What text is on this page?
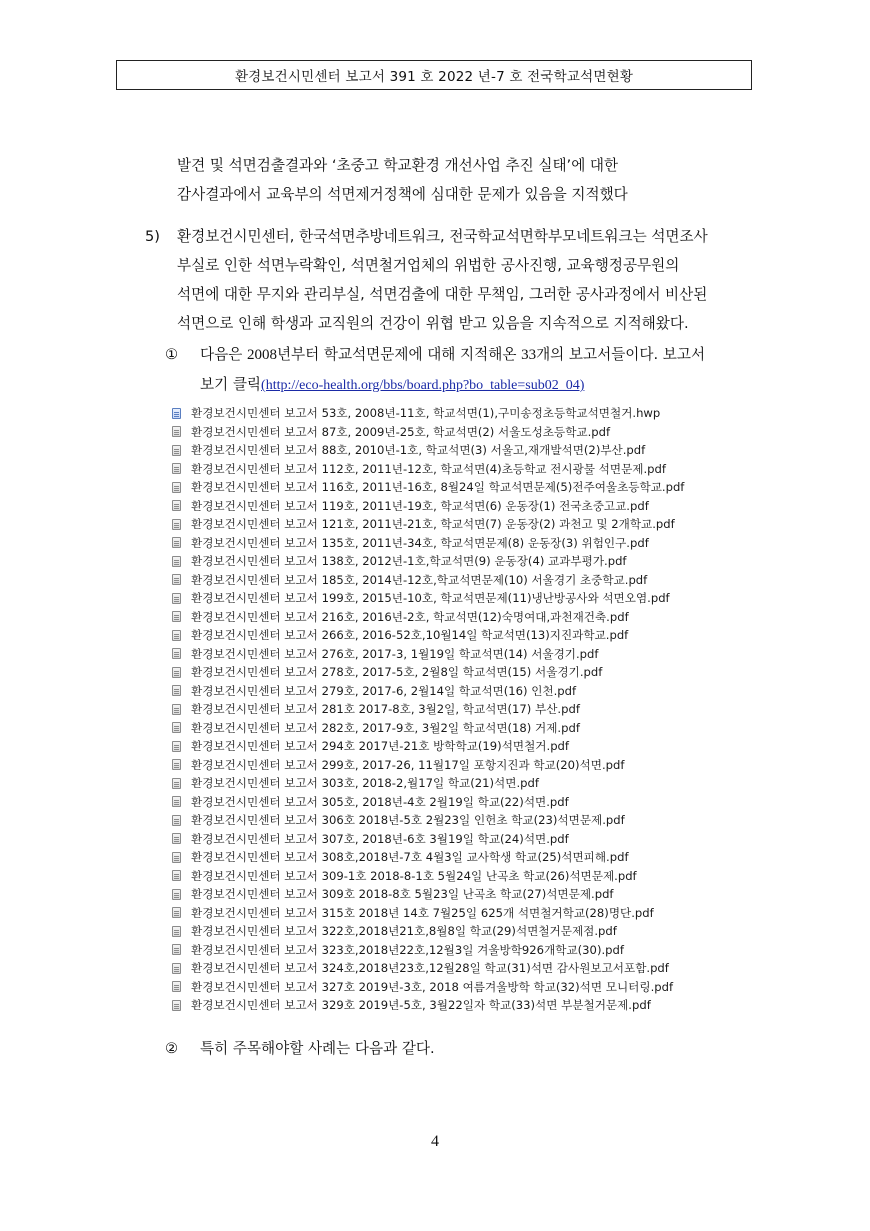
환경보건시민센터 보고서 391 호 2022 년-7 호 전국학교석면현황
발견 및 석면검출결과와 ‘초중고 학교환경 개선사업 추진 실태’에 대한
감사결과에서 교육부의 석면제거정책에 심대한 문제가 있음을 지적했다
5) 환경보건시민센터, 한국석면추방네트워크, 전국학교석면학부모네트워크는 석면조사
부실로 인한 석면누락확인, 석면철거업체의 위법한 공사진행, 교육행정공무원의
석면에 대한 무지와 관리부실, 석면검출에 대한 무책임, 그러한 공사과정에서 비산된
석면으로 인해 학생과 교직원의 건강이 위협 받고 있음을 지속적으로 지적해왔다.
① 다음은 2008년부터 학교석면문제에 대해 지적해온 33개의 보고서들이다. 보고서
보기 클릭(http://eco-health.org/bbs/board.php?bo_table=sub02_04)
환경보건시민센터 보고서 53호, 2008년-11호, 학교석면(1),구미송정초등학교석면철거.hwp
환경보건시민센터 보고서 87호, 2009년-25호, 학교석면(2) 서울도성초등학교.pdf
환경보건시민센터 보고서 88호, 2010년-1호, 학교석면(3) 서울고,재개발석면(2)부산.pdf
환경보건시민센터 보고서 112호, 2011년-12호, 학교석면(4)초등학교 전시광물 석면문제.pdf
환경보건시민센터 보고서 116호, 2011년-16호, 8월24일 학교석면문제(5)전주여울초등학교.pdf
환경보건시민센터 보고서 119호, 2011년-19호, 학교석면(6) 운동장(1) 전국초중고교.pdf
환경보건시민센터 보고서 121호, 2011년-21호, 학교석면(7) 운동장(2) 과천고 및 2개학교.pdf
환경보건시민센터 보고서 135호, 2011년-34호, 학교석면문제(8) 운동장(3) 위험인구.pdf
환경보건시민센터 보고서 138호, 2012년-1호,학교석면(9) 운동장(4) 교과부평가.pdf
환경보건시민센터 보고서 185호, 2014년-12호,학교석면문제(10) 서울경기 초중학교.pdf
환경보건시민센터 보고서 199호, 2015년-10호, 학교석면문제(11)냉난방공사와 석면오염.pdf
환경보건시민센터 보고서 216호, 2016년-2호, 학교석면(12)숙명여대,과천재건축.pdf
환경보건시민센터 보고서 266호, 2016-52호,10월14일 학교석면(13)지진과학교.pdf
환경보건시민센터 보고서 276호, 2017-3, 1월19일 학교석면(14) 서울경기.pdf
환경보건시민센터 보고서 278호, 2017-5호, 2월8일 학교석면(15) 서울경기.pdf
환경보건시민센터 보고서 279호, 2017-6, 2월14일 학교석면(16) 인천.pdf
환경보건시민센터 보고서 281호 2017-8호, 3월2일, 학교석면(17) 부산.pdf
환경보건시민센터 보고서 282호, 2017-9호, 3월2일 학교석면(18) 거제.pdf
환경보건시민센터 보고서 294호 2017년-21호 방학학교(19)석면철거.pdf
환경보건시민센터 보고서 299호, 2017-26, 11월17일 포항지진과 학교(20)석면.pdf
환경보건시민센터 보고서 303호, 2018-2,월17일 학교(21)석면.pdf
환경보건시민센터 보고서 305호, 2018년-4호 2월19일 학교(22)석면.pdf
환경보건시민센터 보고서 306호 2018년-5호 2월23일 인헌초 학교(23)석면문제.pdf
환경보건시민센터 보고서 307호, 2018년-6호 3월19일 학교(24)석면.pdf
환경보건시민센터 보고서 308호,2018년-7호 4월3일 교사학생 학교(25)석면피해.pdf
환경보건시민센터 보고서 309-1호 2018-8-1호 5월24일 난곡초 학교(26)석면문제.pdf
환경보건시민센터 보고서 309호 2018-8호 5월23일 난곡초 학교(27)석면문제.pdf
환경보건시민센터 보고서 315호 2018년 14호 7월25일 625개 석면철거학교(28)명단.pdf
환경보건시민센터 보고서 322호,2018년21호,8월8일 학교(29)석면철거문제점.pdf
환경보건시민센터 보고서 323호,2018년22호,12월3일 겨울방학926개학교(30).pdf
환경보건시민센터 보고서 324호,2018년23호,12월28일 학교(31)석면 감사원보고서포함.pdf
환경보건시민센터 보고서 327호 2019년-3호, 2018 여름겨울방학 학교(32)석면 모니터링.pdf
환경보건시민센터 보고서 329호 2019년-5호, 3월22일자 학교(33)석면 부분철거문제.pdf
② 특히 주목해야할 사례는 다음과 같다.
4
